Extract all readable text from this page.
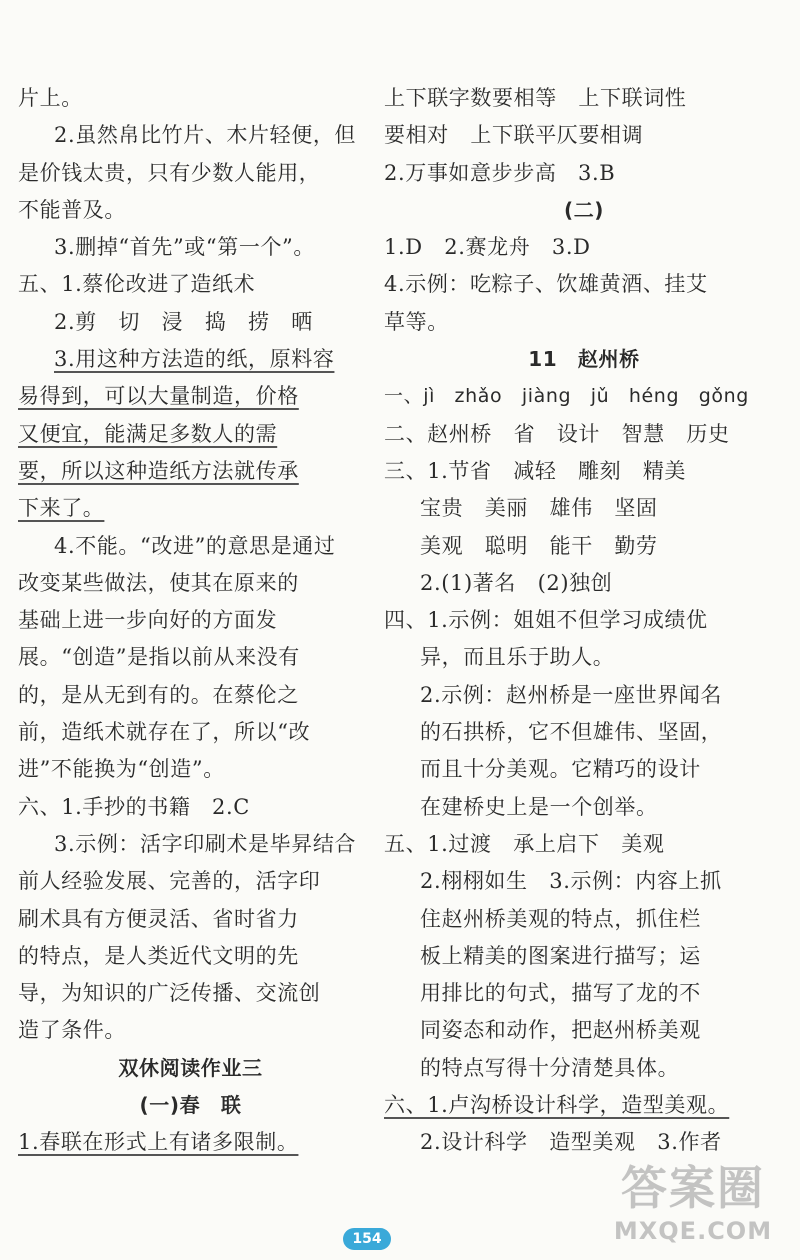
片上。
2.虽然帛比竹片、木片轻便，但
是价钱太贵，只有少数人能用，
不能普及。
3.删掉“首先”或“第一个”。
五、1.蔡伦改进了造纸术
2.剪　切　浸　捣　捞　晒
3.用这种方法造的纸，原料容
易得到，可以大量制造，价格
又便宜，能满足多数人的需
要，所以这种造纸方法就传承
下来了。
4.不能。“改进”的意思是通过
改变某些做法，使其在原来的
基础上进一步向好的方面发
展。“创造”是指以前从来没有
的，是从无到有的。在蔡伦之
前，造纸术就存在了，所以“改
进”不能换为“创造”。
六、1.手抄的书籍　2.C
3.示例：活字印刷术是毕昇结合
前人经验发展、完善的，活字印
刷术具有方便灵活、省时省力
的特点，是人类近代文明的先
导，为知识的广泛传播、交流创
造了条件。
双休阅读作业三
(一)春　联
1.春联在形式上有诸多限制。
上下联字数要相等　上下联词性
要相对　上下联平仄要相调
2.万事如意步步高　3.B
(二)
1.D　2.赛龙舟　3.D
4.示例：吃粽子、饮雄黄酒、挂艾
草等。
11　赵州桥
一、jì　zhǎo　jiàng　jǔ　héng　gǒng
二、赵州桥　省　设计　智慧　历史
三、1.节省　减轻　雕刻　精美
宝贵　美丽　雄伟　坚固
美观　聪明　能干　勤劳
2.(1)著名　(2)独创
四、1.示例：姐姐不但学习成绩优
异，而且乐于助人。
2.示例：赵州桥是一座世界闻名
的石拱桥，它不但雄伟、坚固，
而且十分美观。它精巧的设计
在建桥史上是一个创举。
五、1.过渡　承上启下　美观
2.栩栩如生　3.示例：内容上抓
住赵州桥美观的特点，抓住栏
板上精美的图案进行描写；运
用排比的句式，描写了龙的不
同姿态和动作，把赵州桥美观
的特点写得十分清楚具体。
六、1.卢沟桥设计科学，造型美观。
2.设计科学　造型美观　3.作者
154
答案圈
MXQE.COM
